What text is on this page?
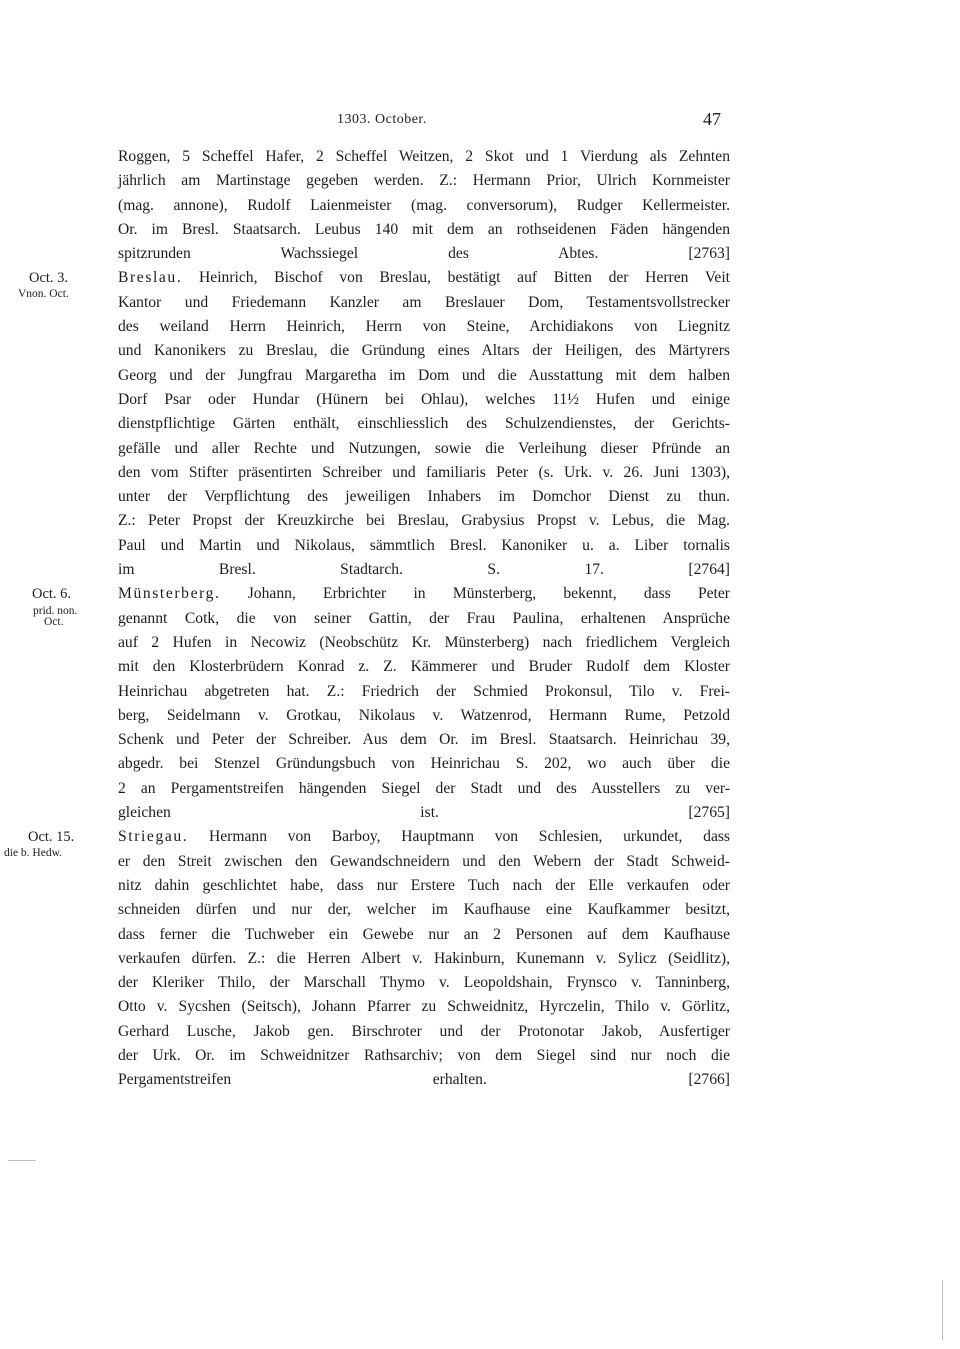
1303. October.	47
Roggen, 5 Scheffel Hafer, 2 Scheffel Weitzen, 2 Skot und 1 Vierdung als Zehnten
jährlich am Martinstage gegeben werden. Z.: Hermann Prior, Ulrich Kornmeister
(mag. annone), Rudolf Laienmeister (mag. conversorum), Rudger Kellermeister.
Or. im Bresl. Staatsarch. Leubus 140 mit dem an rothseidenen Fäden hängenden
spitzrunden Wachssiegel des Abtes.	[2763]
Oct. 3.
Vnon. Oct.
Breslau. Heinrich, Bischof von Breslau, bestätigt auf Bitten der Herren Veit
Kantor und Friedemann Kanzler am Breslauer Dom, Testamentsvollstrecker
des weiland Herrn Heinrich, Herrn von Steine, Archidiakons von Liegnitz
und Kanonikers zu Breslau, die Gründung eines Altars der Heiligen, des Märtyrers
Georg und der Jungfrau Margaretha im Dom und die Ausstattung mit dem halben
Dorf Psar oder Hundar (Hünern bei Ohlau), welches 11½ Hufen und einige
dienstpflichtige Gärten enthält, einschliesslich des Schulzendienstes, der Gerichts-
gefälle und aller Rechte und Nutzungen, sowie die Verleihung dieser Pfründe an
den vom Stifter präsentirten Schreiber und familiaris Peter (s. Urk. v. 26. Juni 1303),
unter der Verpflichtung des jeweiligen Inhabers im Domchor Dienst zu thun.
Z.: Peter Propst der Kreuzkirche bei Breslau, Grabysius Propst v. Lebus, die Mag.
Paul und Martin und Nikolaus, sämmtlich Bresl. Kanoniker u. a. Liber tornalis
im Bresl. Stadtarch. S. 17.	[2764]
Oct. 6.
prid. non.
Oct.
Münsterberg. Johann, Erbrichter in Münsterberg, bekennt, dass Peter
genannt Cotk, die von seiner Gattin, der Frau Paulina, erhaltenen Ansprüche
auf 2 Hufen in Necowiz (Neobschütz Kr. Münsterberg) nach friedlichem Vergleich
mit den Klosterbrüdern Konrad z. Z. Kämmerer und Bruder Rudolf dem Kloster
Heinrichau abgetreten hat. Z.: Friedrich der Schmied Prokonsul, Tilo v. Frei-
berg, Seidelmann v. Grotkau, Nikolaus v. Watzenrod, Hermann Rume, Petzold
Schenk und Peter der Schreiber. Aus dem Or. im Bresl. Staatsarch. Heinrichau 39,
abgedr. bei Stenzel Gründungsbuch von Heinrichau S. 202, wo auch über die
2 an Pergamentstreifen hängenden Siegel der Stadt und des Ausstellers zu ver-
gleichen ist.	[2765]
Oct. 15.
die b. Hedw.
Striegau. Hermann von Barboy, Hauptmann von Schlesien, urkundet, dass
er den Streit zwischen den Gewandschneidern und den Webern der Stadt Schweid-
nitz dahin geschlichtet habe, dass nur Erstere Tuch nach der Elle verkaufen oder
schneiden dürfen und nur der, welcher im Kaufhause eine Kaufkammer besitzt,
dass ferner die Tuchweber ein Gewebe nur an 2 Personen auf dem Kaufhause
verkaufen dürfen. Z.: die Herren Albert v. Hakinburn, Kunemann v. Sylicz (Seidlitz),
der Kleriker Thilo, der Marschall Thymo v. Leopoldshain, Frynsco v. Tanninberg,
Otto v. Sycshen (Seitsch), Johann Pfarrer zu Schweidnitz, Hyrczelin, Thilo v. Görlitz,
Gerhard Lusche, Jakob gen. Birschroter und der Protonotar Jakob, Ausfertiger
der Urk. Or. im Schweidnitzer Rathsarchiv; von dem Siegel sind nur noch die
Pergamentstreifen erhalten.	[2766]
